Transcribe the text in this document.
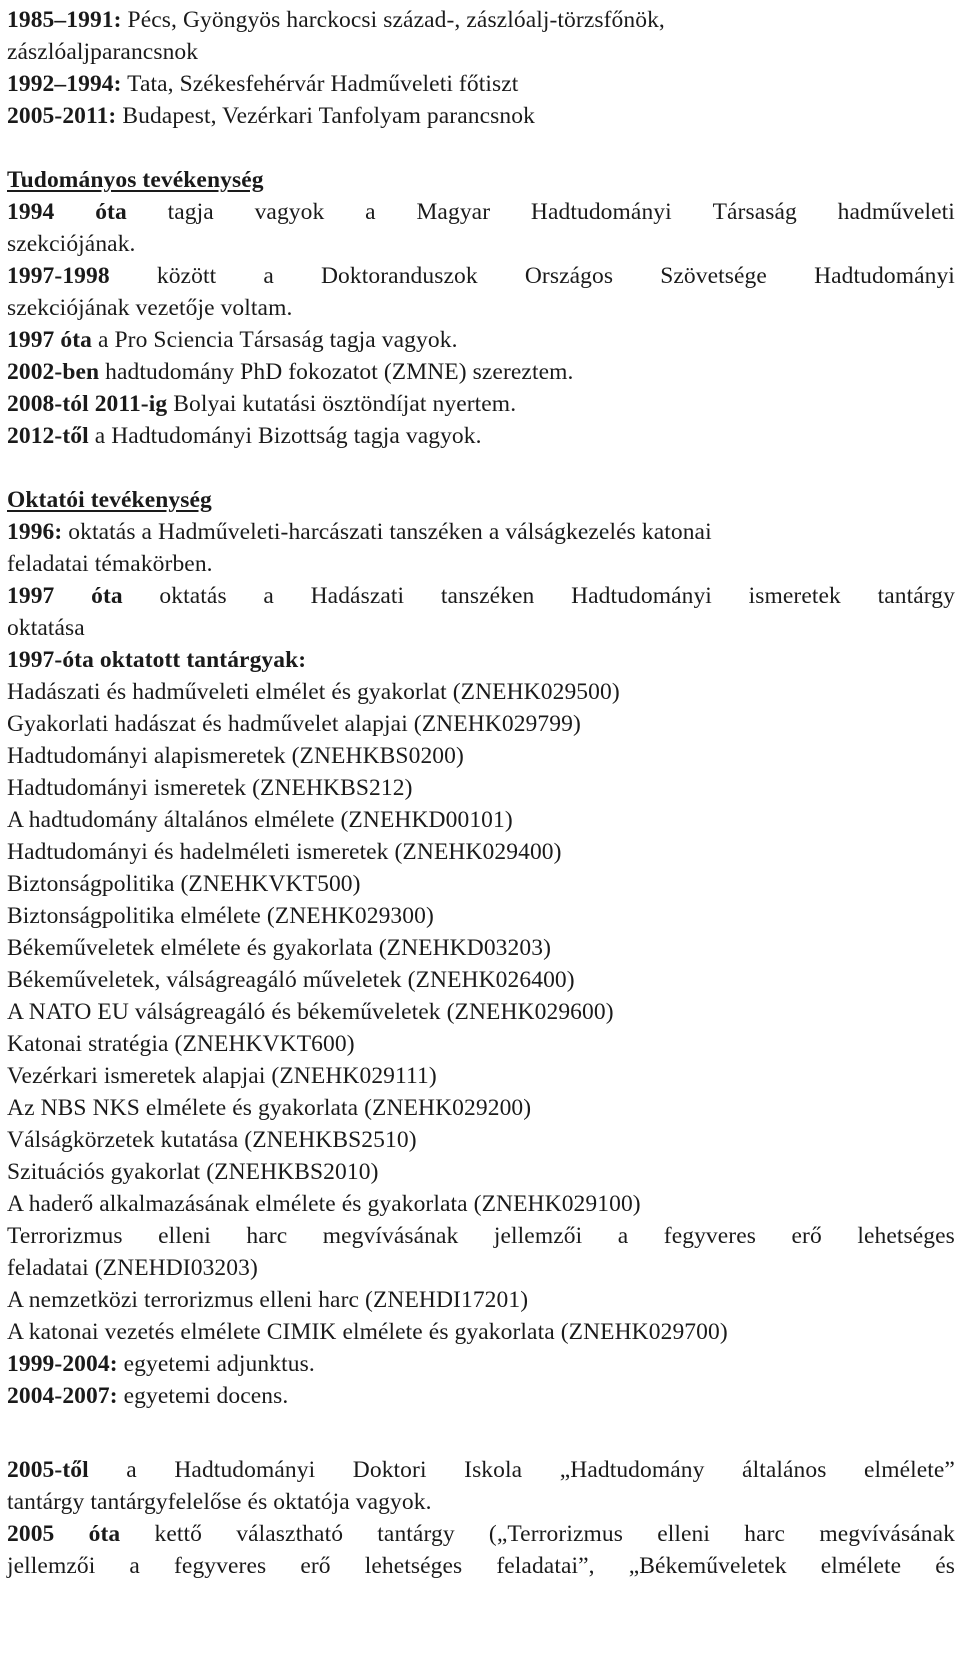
1985–1991: Pécs, Gyöngyös harckocsi század-, zászlóalj-törzsfőnök,
zászlóaljparancsnok
1992–1994: Tata, Székesfehérvár Hadműveleti főtiszt
2005-2011: Budapest, Vezérkari Tanfolyam parancsnok
Tudományos tevékenység
1994 óta tagja vagyok a Magyar Hadtudományi Társaság hadműveleti
szekciójának.
1997-1998 között a Doktoranduszok Országos Szövetsége Hadtudományi
szekciójának vezetője voltam.
1997 óta a Pro Sciencia Társaság tagja vagyok.
2002-ben hadtudomány PhD fokozatot (ZMNE) szereztem.
2008-tól 2011-ig Bolyai kutatási ösztöndíjat nyertem.
2012-től a Hadtudományi Bizottság tagja vagyok.
Oktatói tevékenység
1996: oktatás a Hadműveleti-harcászati tanszéken a válságkezelés katonai
feladatai témakörben.
1997 óta oktatás a Hadászati tanszéken Hadtudományi ismeretek tantárgy
oktatása
1997-óta oktatott tantárgyak:
Hadászati és hadműveleti elmélet és gyakorlat (ZNEHK029500)
Gyakorlati hadászat és hadművelet alapjai (ZNEHK029799)
Hadtudományi alapismeretek (ZNEHKBS0200)
Hadtudományi ismeretek (ZNEHKBS212)
A hadtudomány általános elmélete (ZNEHKD00101)
Hadtudományi és hadelméleti ismeretek (ZNEHK029400)
Biztonságpolitika (ZNEHKVKT500)
Biztonságpolitika elmélete (ZNEHK029300)
Békeműveletek elmélete és gyakorlata (ZNEHKD03203)
Békeműveletek, válságreagáló műveletek (ZNEHK026400)
A NATO EU válságreagáló és békeműveletek (ZNEHK029600)
Katonai stratégia (ZNEHKVKT600)
Vezérkari ismeretek alapjai (ZNEHK029111)
Az NBS NKS elmélete és gyakorlata (ZNEHK029200)
Válságkörzetek kutatása (ZNEHKBS2510)
Szituációs gyakorlat (ZNEHKBS2010)
A haderő alkalmazásának elmélete és gyakorlata (ZNEHK029100)
Terrorizmus elleni harc megvívásának jellemzői a fegyveres erő lehetséges
feladatai (ZNEHDI03203)
A nemzetközi terrorizmus elleni harc (ZNEHDI17201)
A katonai vezetés elmélete CIMIK elmélete és gyakorlata (ZNEHK029700)
1999-2004: egyetemi adjunktus.
2004-2007: egyetemi docens.
2005-től a Hadtudományi Doktori Iskola „Hadtudomány általános elmélete”
tantárgy tantárgyfelelőse és oktatója vagyok.
2005 óta kettő választható tantárgy („Terrorizmus elleni harc megvívásának
jellemzői a fegyveres erő lehetséges feladatai”, „Békeműveletek elmélete és
